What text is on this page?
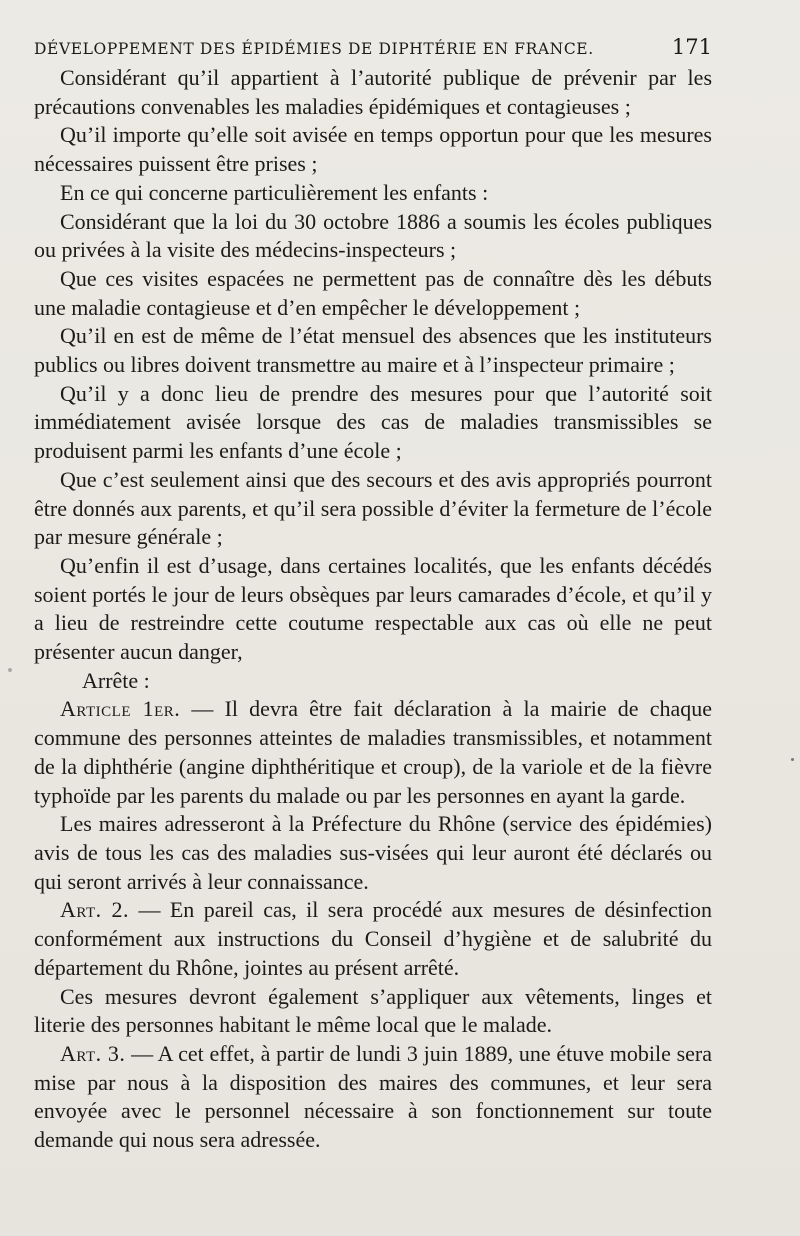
DÉVELOPPEMENT DES ÉPIDÉMIES DE DIPHTÉRIE EN FRANCE.	171

Considérant qu’il appartient à l’autorité publique de prévenir par les précautions convenables les maladies épidémiques et contagieuses ;

Qu’il importe qu’elle soit avisée en temps opportun pour que les mesures nécessaires puissent être prises ;

En ce qui concerne particulièrement les enfants :

Considérant que la loi du 30 octobre 1886 a soumis les écoles publiques ou privées à la visite des médecins-inspecteurs ;

Que ces visites espacées ne permettent pas de connaître dès les débuts une maladie contagieuse et d’en empêcher le développement ;

Qu’il en est de même de l’état mensuel des absences que les instituteurs publics ou libres doivent transmettre au maire et à l’inspecteur primaire ;

Qu’il y a donc lieu de prendre des mesures pour que l’autorité soit immédiatement avisée lorsque des cas de maladies transmissibles se produisent parmi les enfants d’une école ;

Que c’est seulement ainsi que des secours et des avis appropriés pourront être donnés aux parents, et qu’il sera possible d’éviter la fermeture de l’école par mesure générale ;

Qu’enfin il est d’usage, dans certaines localités, que les enfants décédés soient portés le jour de leurs obsèques par leurs camarades d’école, et qu’il y a lieu de restreindre cette coutume respectable aux cas où elle ne peut présenter aucun danger,

Arrête :

Article 1er. — Il devra être fait déclaration à la mairie de chaque commune des personnes atteintes de maladies transmissibles, et notamment de la diphthérie (angine diphthéritique et croup), de la variole et de la fièvre typhoïde par les parents du malade ou par les personnes en ayant la garde.

Les maires adresseront à la Préfecture du Rhône (service des épidémies) avis de tous les cas des maladies sus-visées qui leur auront été déclarés ou qui seront arrivés à leur connaissance.

Art. 2. — En pareil cas, il sera procédé aux mesures de désinfection conformément aux instructions du Conseil d’hygiène et de salubrité du département du Rhône, jointes au présent arrêté.

Ces mesures devront également s’appliquer aux vêtements, linges et literie des personnes habitant le même local que le malade.

Art. 3. — A cet effet, à partir de lundi 3 juin 1889, une étuve mobile sera mise par nous à la disposition des maires des communes, et leur sera envoyée avec le personnel nécessaire à son fonctionnement sur toute demande qui nous sera adressée.
